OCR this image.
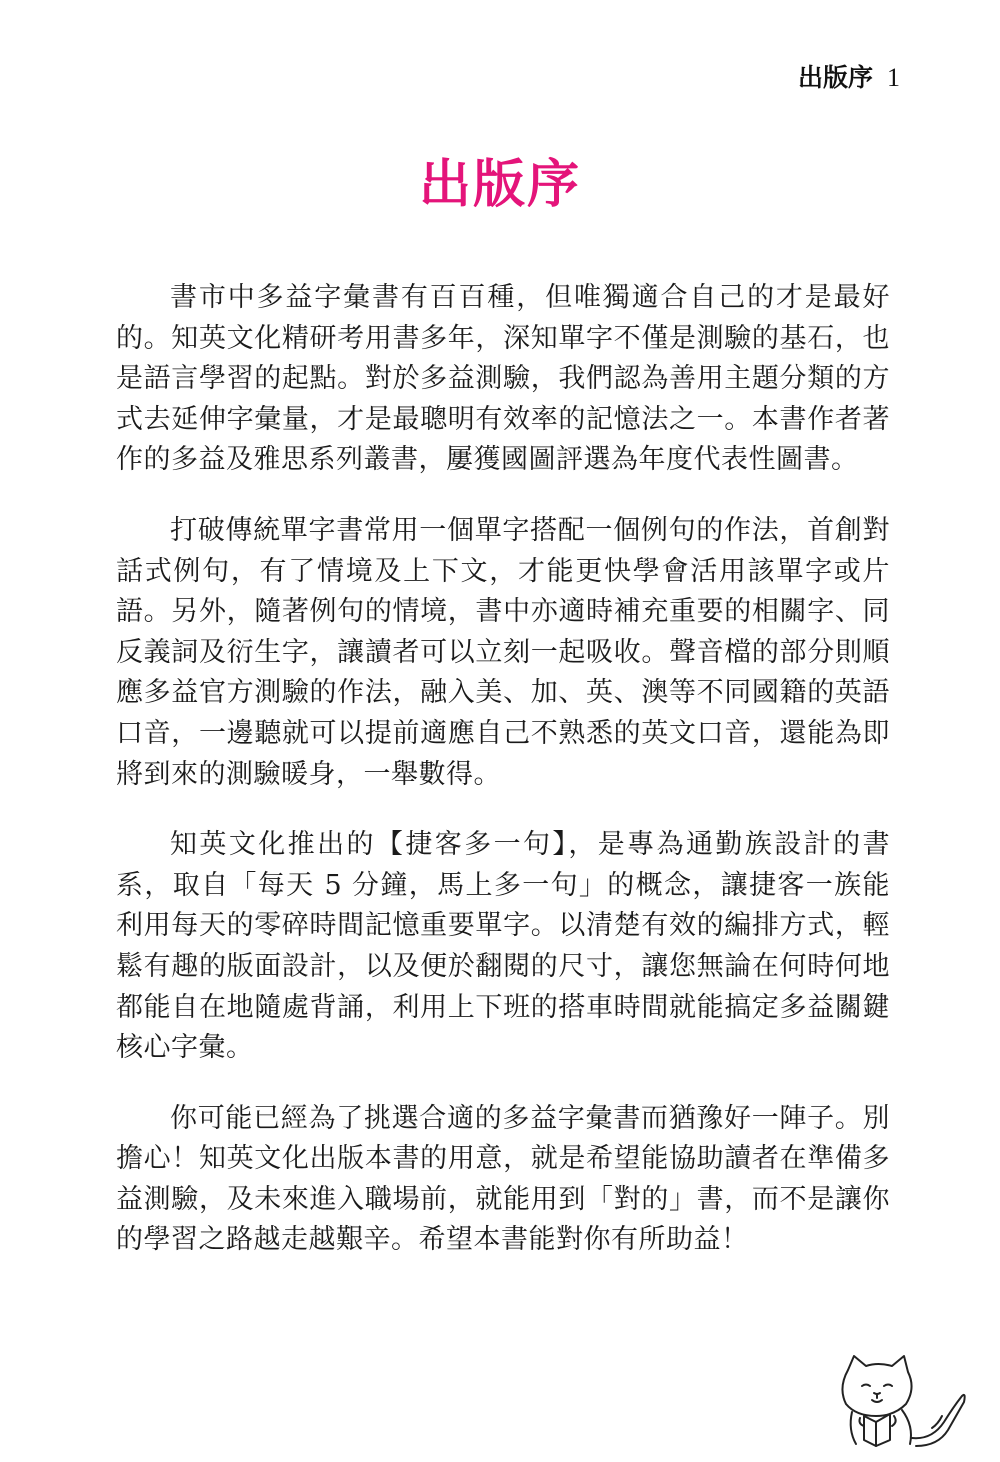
出版序 1
出版序

書市中多益字彙書有百百種，但唯獨適合自己的才是最好的。知英文化精研考用書多年，深知單字不僅是測驗的基石，也是語言學習的起點。對於多益測驗，我們認為善用主題分類的方式去延伸字彙量，才是最聰明有效率的記憶法之一。本書作者著作的多益及雅思系列叢書，屢獲國圖評選為年度代表性圖書。

打破傳統單字書常用一個單字搭配一個例句的作法，首創對話式例句，有了情境及上下文，才能更快學會活用該單字或片語。另外，隨著例句的情境，書中亦適時補充重要的相關字、同反義詞及衍生字，讓讀者可以立刻一起吸收。聲音檔的部分則順應多益官方測驗的作法，融入美、加、英、澳等不同國籍的英語口音，一邊聽就可以提前適應自己不熟悉的英文口音，還能為即將到來的測驗暖身，一舉數得。

知英文化推出的【捷客多一句】，是專為通勤族設計的書系，取自「每天 5 分鐘，馬上多一句」的概念，讓捷客一族能利用每天的零碎時間記憶重要單字。以清楚有效的編排方式，輕鬆有趣的版面設計，以及便於翻閱的尺寸，讓您無論在何時何地都能自在地隨處背誦，利用上下班的搭車時間就能搞定多益關鍵核心字彙。

你可能已經為了挑選合適的多益字彙書而猶豫好一陣子。別擔心！知英文化出版本書的用意，就是希望能協助讀者在準備多益測驗，及未來進入職場前，就能用到「對的」書，而不是讓你的學習之路越走越艱辛。希望本書能對你有所助益！
